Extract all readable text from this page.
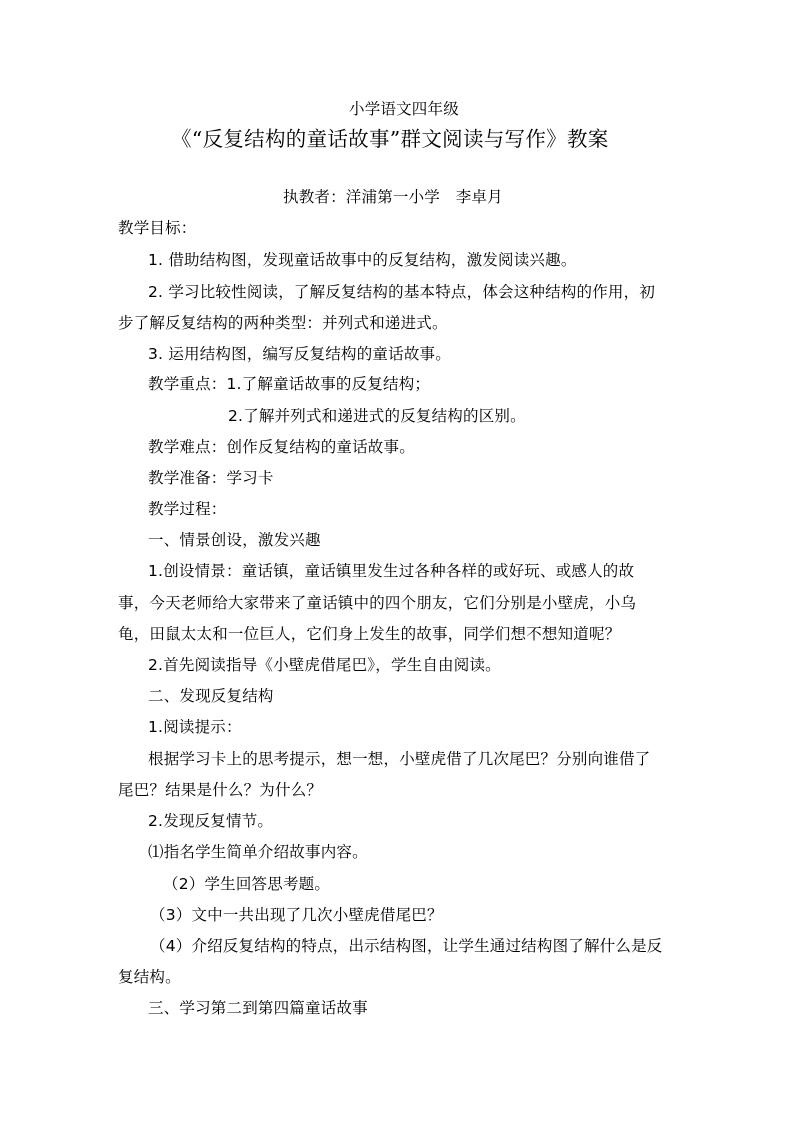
小学语文四年级
《“反复结构的童话故事”群文阅读与写作》教案
执教者：洋浦第一小学　李卓月
教学目标：
1. 借助结构图，发现童话故事中的反复结构，激发阅读兴趣。
2. 学习比较性阅读，了解反复结构的基本特点，体会这种结构的作用，初
步了解反复结构的两种类型：并列式和递进式。
3. 运用结构图，编写反复结构的童话故事。
教学重点：1.了解童话故事的反复结构；
2.了解并列式和递进式的反复结构的区别。
教学难点：创作反复结构的童话故事。
教学准备：学习卡
教学过程：
一、情景创设，激发兴趣
1.创设情景：童话镇，童话镇里发生过各种各样的或好玩、或感人的故
事，今天老师给大家带来了童话镇中的四个朋友，它们分别是小壁虎，小乌
龟，田鼠太太和一位巨人，它们身上发生的故事，同学们想不想知道呢？
2.首先阅读指导《小壁虎借尾巴》，学生自由阅读。
二、发现反复结构
1.阅读提示：
根据学习卡上的思考提示，想一想，小壁虎借了几次尾巴？分别向谁借了
尾巴？结果是什么？为什么？
2.发现反复情节。
⑴指名学生简单介绍故事内容。
（2）学生回答思考题。
（3）文中一共出现了几次小壁虎借尾巴？
（4）介绍反复结构的特点，出示结构图，让学生通过结构图了解什么是反
复结构。
三、学习第二到第四篇童话故事
